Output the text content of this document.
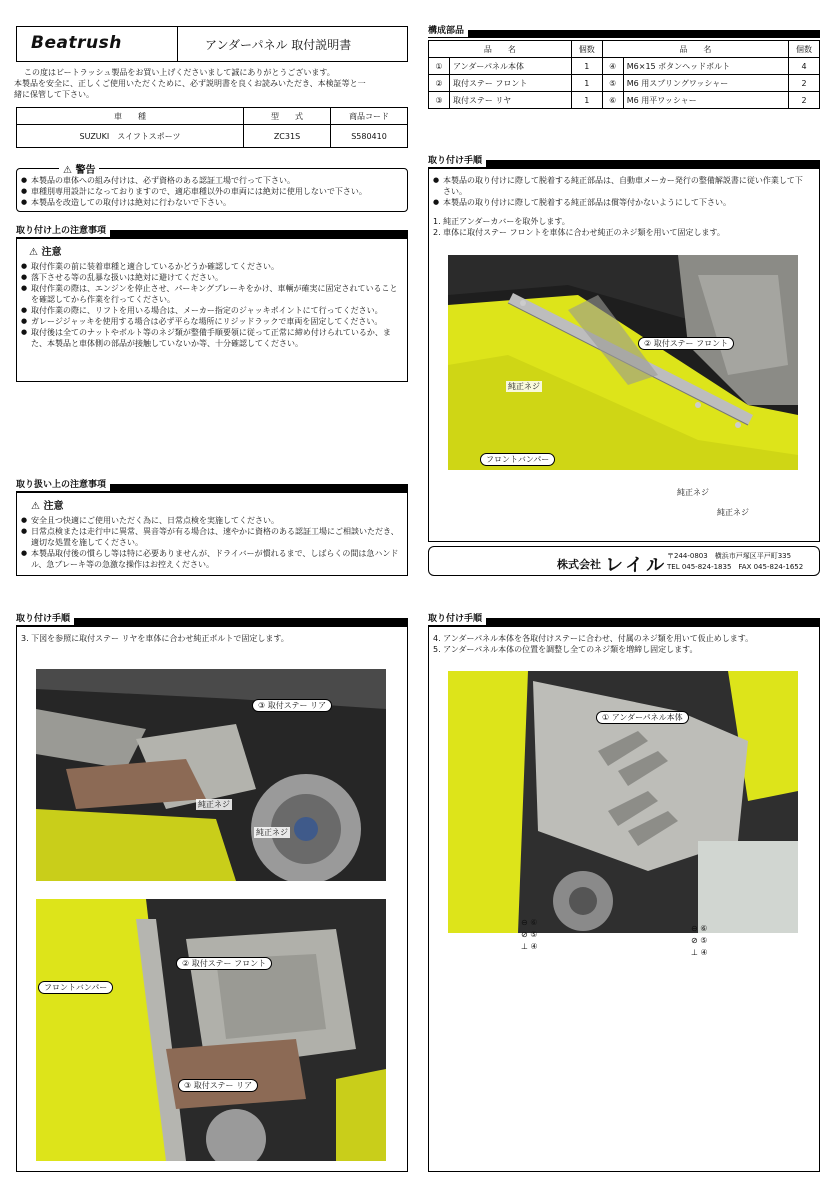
Beatrush	アンダーパネル 取付説明書
この度はビートラッシュ製品をお買い上げくださいまして誠にありがとうございます。
本製品を安全に、正しくご使用いただくために、必ず説明書を良くお読みいただき、本検証等と一
緒に保管して下さい。
車　　種	型　　式	商品コード
SUZUKI　スイフトスポーツ	ZC31S	S580410
⚠ 警告
● 本製品の車体への組み付けは、必ず資格のある認証工場で行って下さい。
● 車種別専用設計になっておりますので、適応車種以外の車両には絶対に使用しないで下さい。
● 本製品を改造しての取付けは絶対に行わないで下さい。
取り付け上の注意事項
⚠ 注意
● 取付作業の前に装着車種と適合しているかどうか確認してください。
● 落下させる等の乱暴な扱いは絶対に避けてください。
● 取付作業の際は、エンジンを停止させ、パーキングブレーキをかけ、車輌が確実に固定されていることを確認してから作業を行ってください。
● 取付作業の際に、リフトを用いる場合は、メーカー指定のジャッキポイントにて行ってください。
● ガレージジャッキを使用する場合は必ず平らな場所にリジッドラックで車両を固定してください。
● 取付後は全てのナットやボルト等のネジ類が整備手順要領に従って正常に締め付けられているか、また、本製品と車体側の部品が接触していないか等、十分確認してください。
取り扱い上の注意事項
⚠ 注意
● 安全且つ快適にご使用いただく為に、日常点検を実施してください。
● 日常点検または走行中に異常、異音等が有る場合は、速やかに資格のある認証工場にご相談いただき、適切な処置を施してください。
● 本製品取付後の慣らし等は特に必要ありませんが、ドライバーが慣れるまで、しばらくの間は急ハンドル、急ブレーキ等の急激な操作はお控えください。
構成部品
品　　名		個数	品　　名		個数
①	アンダーパネル本体	1	④	M6×15 ボタンヘッドボルト	4
②	取付ステー フロント	1	⑤	M6 用スプリングワッシャー	2
③	取付ステー リヤ	1	⑥	M6 用平ワッシャー	2
取り付け手順
● 本製品の取り付けに際して脱着する純正部品は、自動車メーカー発行の整備解説書に従い作業して下さい。
● 本製品の取り付けに際して脱着する純正部品は償等付かないようにして下さい。
1. 純正アンダーカバーを取外します。
2. 車体に取付ステー フロントを車体に合わせ純正のネジ類を用いて固定します。
② 取付ステー フロント
純正ネジ
フロントバンパー
純正ネジ
純正ネジ
株式会社 レイル 〒244-0803　横浜市戸塚区平戸町335
TEL 045-824-1835　FAX 045-824-1652
取り付け手順
3. 下図を参照に取付ステー リヤを車体に合わせ純正ボルトで固定します。
③ 取付ステー リア
純正ネジ
純正ネジ
② 取付ステー フロント
フロントバンパー
③ 取付ステー リア
取り付け手順
4. アンダーパネル本体を各取付けステーに合わせ、付属のネジ類を用いて仮止めします。
5. アンダーパネル本体の位置を調整し全てのネジ類を増締し固定します。
① アンダーパネル本体
⊖ ⑥
⊘ ⑤
⊥ ④
⊖ ⑥
⊘ ⑤
⊥ ④
